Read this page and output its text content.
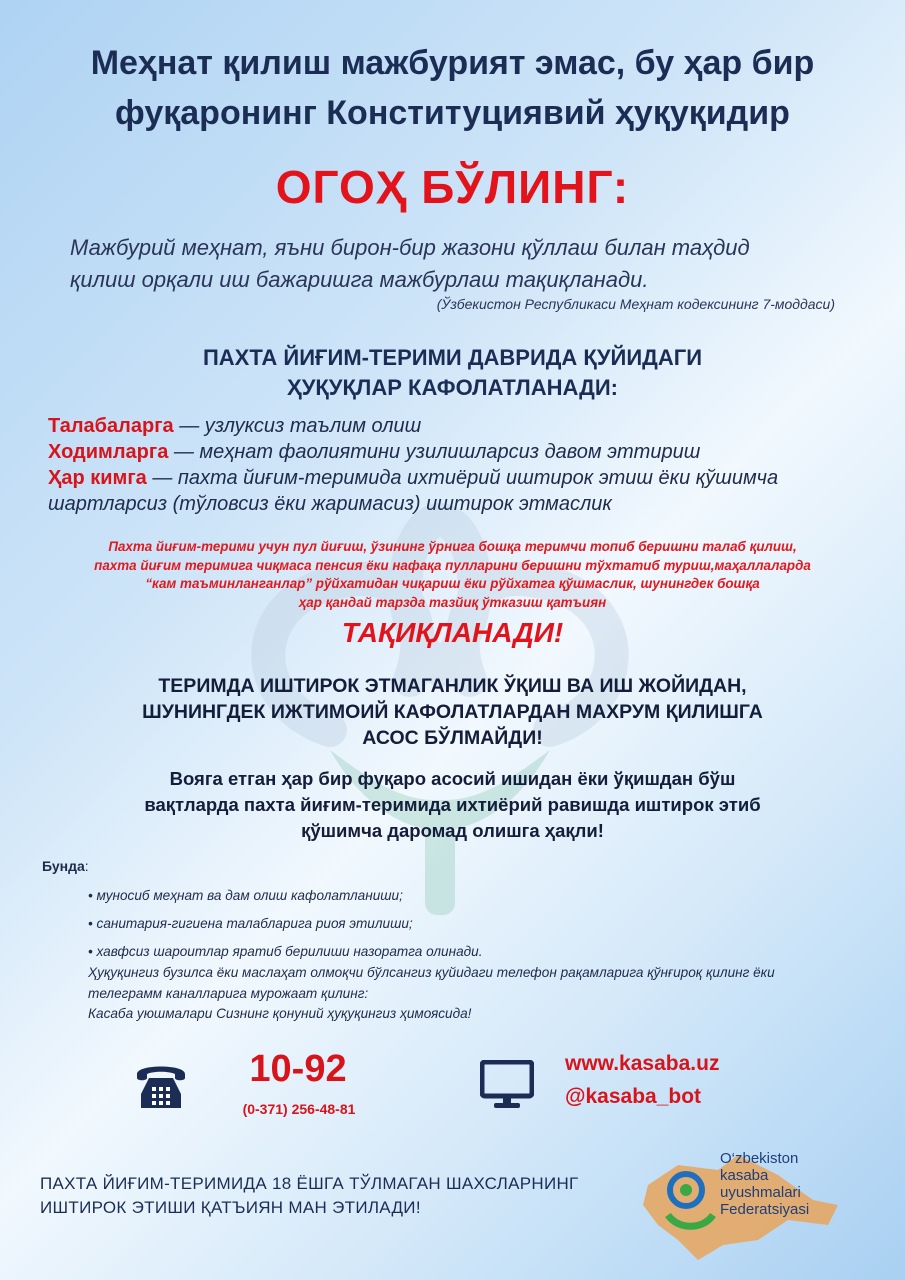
Меҳнат қилиш мажбурият эмас, бу ҳар бир
фуқаронинг Конституциявий ҳуқуқидир
ОГОҲ БЎЛИНГ:
Мажбурий меҳнат, яъни бирон-бир жазони қўллаш билан таҳдид
қилиш орқали иш бажаришга мажбурлаш тақиқланади.
(Ўзбекистон Республикаси Меҳнат кодексининг 7-моддаси)
ПАХТА ЙИҒИМ-ТЕРИМИ ДАВРИДА ҚУЙИДАГИ
ҲУҚУҚЛАР КАФОЛАТЛАНАДИ:
Талабаларга — узлуксиз таълим олиш
Ходимларга — меҳнат фаолиятини узилишларсиз давом эттириш
Ҳар кимга — пахта йиғим-теримида ихтиёрий иштирок этиш ёки қўшимча
шартларсиз (тўловсиз ёки жаримасиз) иштирок этмаслик
Пахта йиғим-терими учун пул йиғиш, ўзининг ўрнига бошқа теримчи топиб беришни талаб қилиш,
пахта йиғим теримига чиқмаса пенсия ёки нафақа пулларини беришни тўхтатиб туриш,маҳаллаларда
“кам таъминланганлар” рўйхатидан чиқариш ёки рўйхатга қўшмаслик, шунингдек бошқа
ҳар қандай тарзда тазйиқ ўтказиш қатъиян
ТАҚИҚЛАНАДИ!
ТЕРИМДА ИШТИРОК ЭТМАГАНЛИК ЎҚИШ ВА ИШ ЖОЙИДАН,
ШУНИНГДЕК ИЖТИМОИЙ КАФОЛАТЛАРДАН МАХРУМ ҚИЛИШГА
АСОС БЎЛМАЙДИ!
Вояга етган ҳар бир фуқаро асосий ишидан ёки ўқишдан бўш
вақтларда пахта йиғим-теримида ихтиёрий равишда иштирок этиб
қўшимча даромад олишга ҳақли!
Бунда:
• муносиб меҳнат ва дам олиш кафолатланиши;
• санитария-гигиена талабларига риоя этилиши;
• хавфсиз шароитлар яратиб берилиши назоратга олинади.
Ҳуқуқингиз бузилса ёки маслаҳат олмоқчи бўлсангиз қуйидаги телефон рақамларига қўнғироқ қилинг ёки
телеграмм каналларига мурожаат қилинг:
Касаба уюшмалари Сизнинг қонуний ҳуқуқингиз ҳимоясида!
10-92
(0-371) 256-48-81
www.kasaba.uz
@kasaba_bot
ПАХТА ЙИҒИМ-ТЕРИМИДА 18 ЁШГА ТЎЛМАГАН ШАХСЛАРНИНГ
ИШТИРОК ЭТИШИ ҚАТЪИЯН МАН ЭТИЛАДИ!
O‘zbekiston
kasaba
uyushmalari
Federatsiyasi
